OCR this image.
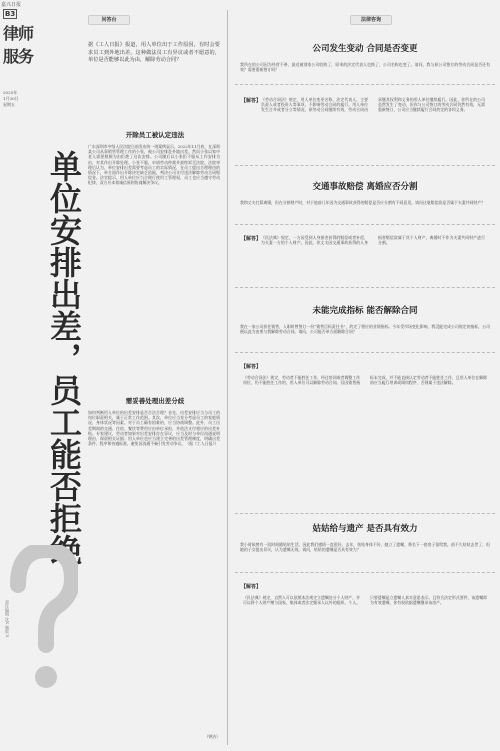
嘉兴日报
B3
律师
服务
2025年
1月30日
星期五
责任编辑 沈X 制版 X
单位安排出差，员工能否拒绝
问答台
据《工人日报》报道，用人单位出于工作原因，有时会要求员工到外地出差，这种做法员工有异议或者不愿意的，单位是否能够以此为由，解除劳动合同？
开除员工被认定违法
广东深圳市中级人民法院日前发布的一则案例显示，2022年11月底，在深圳某公司从事销售管理工作的小张，被公司安排赴外地出差。然而小张以家中老人需要照顾为由拒绝了这次安排。公司随后以小张拒不服从工作安排为由，对其作出开除处理。小张不服，申请劳动仲裁并最终诉至法院。法院审理后认为，单位安排出差需要考虑员工的实际情况，在员工提出合理理由的情况下，单方面作出开除决定缺乏依据，判决公司支付违法解除劳动合同赔偿金。法官提示，用人单位应当合理行使用工管理权，员工也应当遵守劳动纪律，双方应本着诚信原则协商解决争议。
需妥善处理出差分歧
如何判断用人单位的出差安排是否合法合理？首先，出差安排应当与员工的岗位职责相关，属于正常工作范围。其次，单位应当充分考虑员工的家庭情况、身体状况等因素。对于员工确有困难的，应当协商调整。此外，员工出差期间的交通、住宿、餐饮等费用应由单位承担，并依法支付相应的出差补贴。专家建议，劳动者如果对出差安排存在异议，应当及时与单位沟通说明理由，保留相关证据；用人单位也应当建立完善的出差管理制度，明确出差条件、程序和待遇标准，避免因沟通不畅引发劳动争议。（据《工人日报》）
（钟洁）
法律咨询
公司发生变动 合同是否变更
我所在的公司因为经营不善，最近被别家公司收购了，原来的法定代表人也换了，公司名称也变了。请问，我与原公司签订的劳动合同是否还有效？需要重新签订吗？
【解答】 《劳动合同法》规定，用人单位变更名称、法定代表人、主要负责人或者投资人等事项，不影响劳动合同的履行。用人单位发生合并或者分立等情况，原劳动合同继续有效，劳动合同由承继其权利和义务的用人单位继续履行。因此，你所在的公司虽然发生了变动，但你与公司签订的劳动合同仍然有效，无需重新签订，公司应当继续履行合同约定的各项义务。
交通事故赔偿 离婚应否分割
我和丈夫打算离婚，但在分割财产时，对于他前几年因为交通事故获得的赔偿是否应分割有不同意见。请问这笔赔偿款是否属于夫妻共同财产？
【解答】 《民法典》规定，一方因受到人身损害获得的赔偿或者补偿，为夫妻一方的个人财产。因此，你丈夫因交通事故获得的人身损害赔偿款属于其个人财产，离婚时不作为夫妻共同财产进行分割。
未能完成指标 能否解除合同
我在一家公司担任销售，入职时曾签订一份“销售目标责任书”，约定了相应的业绩指标。今年受市场变化影响，我没能完成公司规定的指标，公司便以此为由要与我解除劳动合同。请问，公司能否单方面解除合同？
【解答】
《劳动合同法》规定，劳动者不能胜任工作，经过培训或者调整工作岗位，仍不能胜任工作的，用人单位可以解除劳动合同。仅因销售指标未完成，并不能直接认定劳动者不能胜任工作，且用人单位在解除前应当履行培训或调岗程序，否则属于违法解除。
姑姑给与遗产 是否具有效力
我小时候曾有一段时间随姑姑生活，因此我们感情一直很好。去年，姑姑身体不好，她立了遗嘱，将名下一套房子留给我。前不久姑姑去世了，但她的子女提出异议，认为遗嘱无效。请问，姑姑的遗嘱是否具有效力？
【解答】
《民法典》规定，自然人可以依照本法规定立遗嘱处分个人财产，并可以将个人财产赠与国家、集体或者法定继承人以外的组织、个人。只要遗嘱是立遗嘱人真实意思表示，且符合法定形式要件，该遗嘱即为有效遗嘱，你有权依据遗嘱继承该房产。
